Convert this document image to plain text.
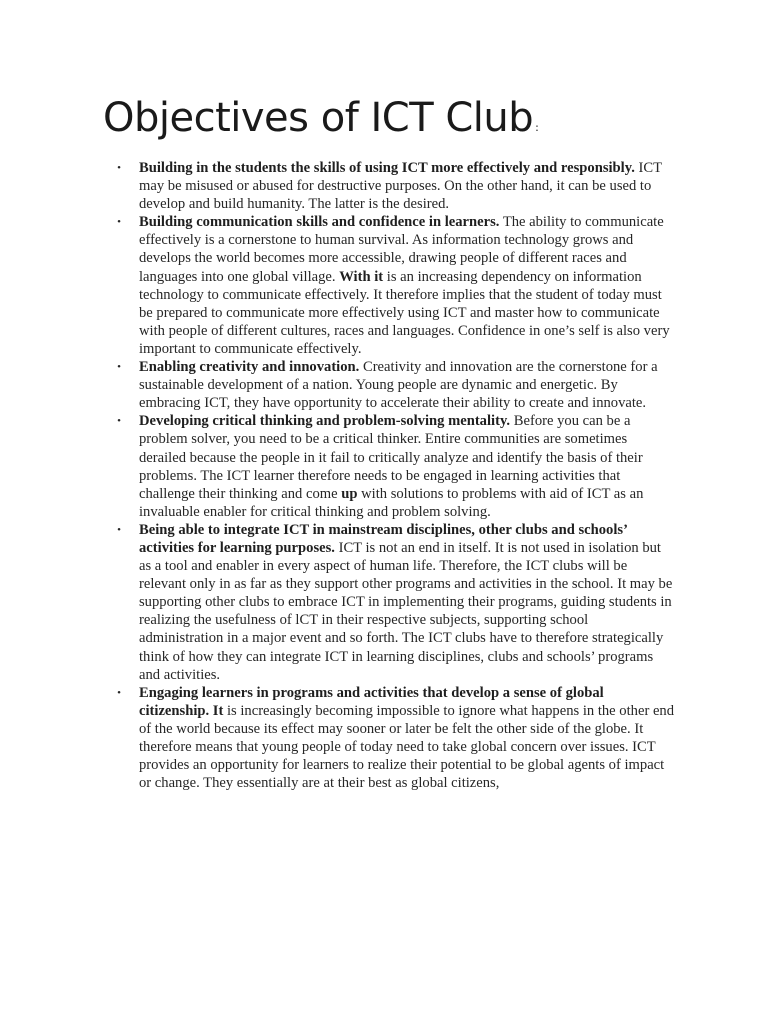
Objectives of ICT Club :
• Building in the students the skills of using ICT more effectively and responsibly. ICT may be misused or abused for destructive purposes. On the other hand, it can be used to develop and build humanity. The latter is the desired.
• Building communication skills and confidence in learners. The ability to communicate effectively is a cornerstone to human survival. As information technology grows and develops the world becomes more accessible, drawing people of different races and languages into one global village. With it is an increasing dependency on information technology to communicate effectively. It therefore implies that the student of today must be prepared to communicate more effectively using ICT and master how to communicate with people of different cultures, races and languages. Confidence in one’s self is also very important to communicate effectively.
• Enabling creativity and innovation. Creativity and innovation are the cornerstone for a sustainable development of a nation. Young people are dynamic and energetic. By embracing ICT, they have opportunity to accelerate their ability to create and innovate.
• Developing critical thinking and problem-solving mentality. Before you can be a problem solver, you need to be a critical thinker. Entire communities are sometimes derailed because the people in it fail to critically analyze and identify the basis of their problems. The ICT learner therefore needs to be engaged in learning activities that challenge their thinking and come up with solutions to problems with aid of ICT as an invaluable enabler for critical thinking and problem solving.
• Being able to integrate ICT in mainstream disciplines, other clubs and schools’ activities for learning purposes. ICT is not an end in itself. It is not used in isolation but as a tool and enabler in every aspect of human life. Therefore, the ICT clubs will be relevant only in as far as they support other programs and activities in the school. It may be supporting other clubs to embrace ICT in implementing their programs, guiding students in realizing the usefulness of lCT in their respective subjects, supporting school administration in a major event and so forth. The ICT clubs have to therefore strategically think of how they can integrate ICT in learning disciplines, clubs and schools’ programs and activities.
• Engaging learners in programs and activities that develop a sense of global citizenship. It is increasingly becoming impossible to ignore what happens in the other end of the world because its effect may sooner or later be felt the other side of the globe. It therefore means that young people of today need to take global concern over issues. ICT provides an opportunity for learners to realize their potential to be global agents of impact or change. They essentially are at their best as global citizens,
